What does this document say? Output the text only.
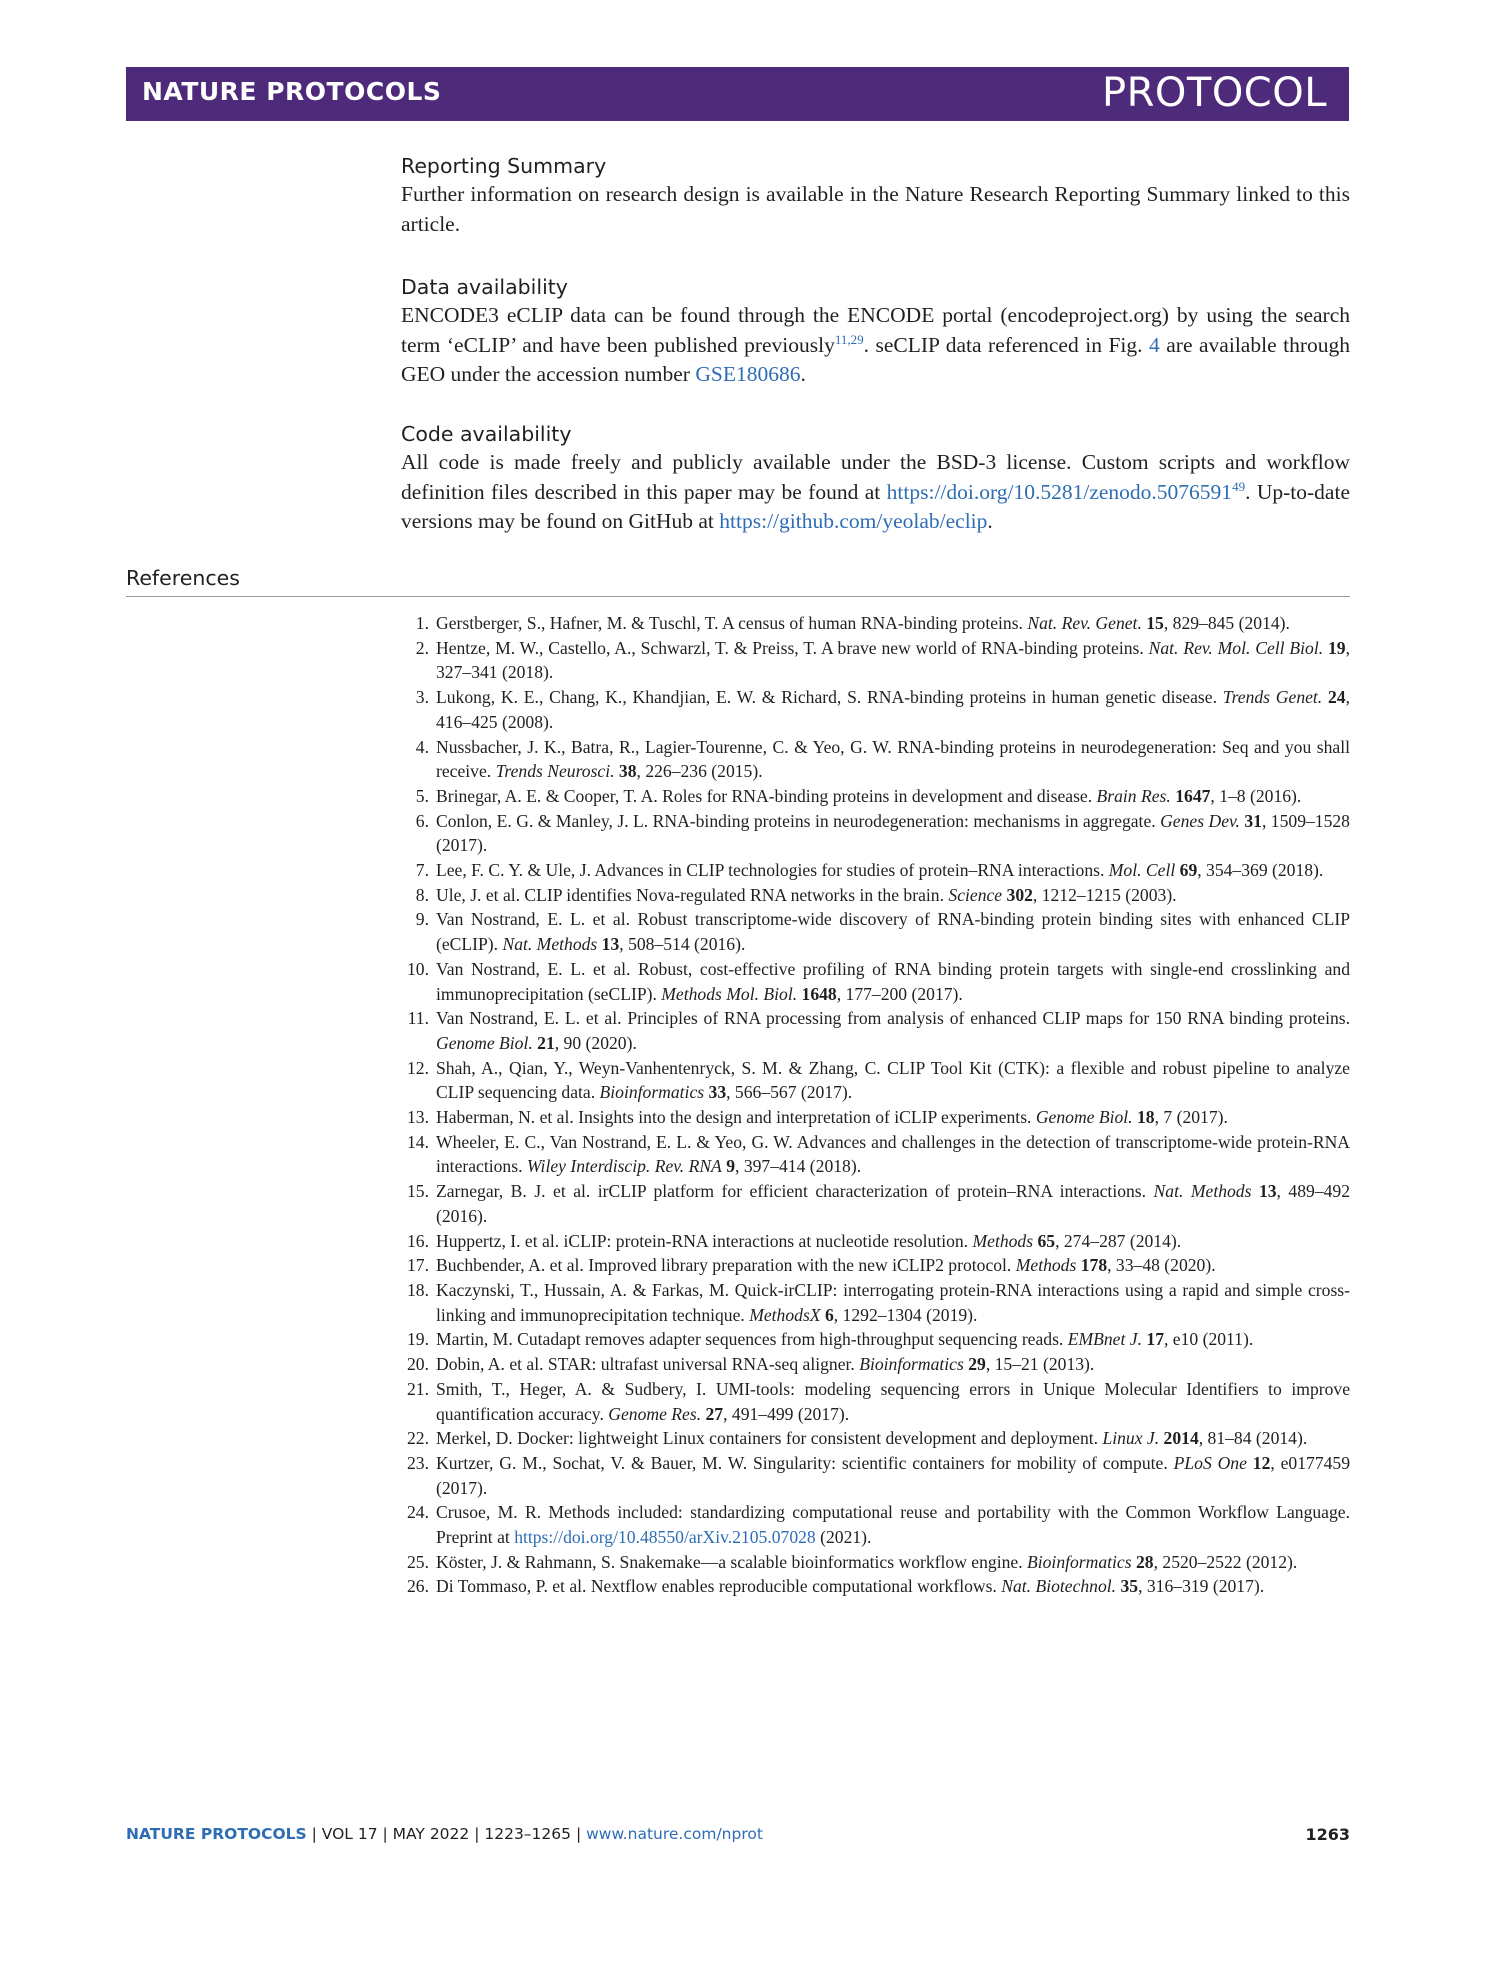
NATURE PROTOCOLS	PROTOCOL
Reporting Summary

Further information on research design is available in the Nature Research Reporting Summary linked to this article.

Data availability

ENCODE3 eCLIP data can be found through the ENCODE portal (encodeproject.org) by using the search term ‘eCLIP’ and have been published previously$^{11,29}$. seCLIP data referenced in Fig. 4 are available through GEO under the accession number GSE180686.

Code availability

All code is made freely and publicly available under the BSD-3 license. Custom scripts and workflow definition files described in this paper may be found at https://doi.org/10.5281/zenodo.5076591$^{49}$. Up-to-date versions may be found on GitHub at https://github.com/yeolab/eclip.

References
1. Gerstberger, S., Hafner, M. & Tuschl, T. A census of human RNA-binding proteins. Nat. Rev. Genet. 15, 829–845 (2014).
2. Hentze, M. W., Castello, A., Schwarzl, T. & Preiss, T. A brave new world of RNA-binding proteins. Nat. Rev. Mol. Cell Biol. 19, 327–341 (2018).
3. Lukong, K. E., Chang, K., Khandjian, E. W. & Richard, S. RNA-binding proteins in human genetic disease. Trends Genet. 24, 416–425 (2008).
4. Nussbacher, J. K., Batra, R., Lagier-Tourenne, C. & Yeo, G. W. RNA-binding proteins in neurodegeneration: Seq and you shall receive. Trends Neurosci. 38, 226–236 (2015).
5. Brinegar, A. E. & Cooper, T. A. Roles for RNA-binding proteins in development and disease. Brain Res. 1647, 1–8 (2016).
6. Conlon, E. G. & Manley, J. L. RNA-binding proteins in neurodegeneration: mechanisms in aggregate. Genes Dev. 31, 1509–1528 (2017).
7. Lee, F. C. Y. & Ule, J. Advances in CLIP technologies for studies of protein–RNA interactions. Mol. Cell 69, 354–369 (2018).
8. Ule, J. et al. CLIP identifies Nova-regulated RNA networks in the brain. Science 302, 1212–1215 (2003).
9. Van Nostrand, E. L. et al. Robust transcriptome-wide discovery of RNA-binding protein binding sites with enhanced CLIP (eCLIP). Nat. Methods 13, 508–514 (2016).
10. Van Nostrand, E. L. et al. Robust, cost-effective profiling of RNA binding protein targets with single-end crosslinking and immunoprecipitation (seCLIP). Methods Mol. Biol. 1648, 177–200 (2017).
11. Van Nostrand, E. L. et al. Principles of RNA processing from analysis of enhanced CLIP maps for 150 RNA binding proteins. Genome Biol. 21, 90 (2020).
12. Shah, A., Qian, Y., Weyn-Vanhentenryck, S. M. & Zhang, C. CLIP Tool Kit (CTK): a flexible and robust pipeline to analyze CLIP sequencing data. Bioinformatics 33, 566–567 (2017).
13. Haberman, N. et al. Insights into the design and interpretation of iCLIP experiments. Genome Biol. 18, 7 (2017).
14. Wheeler, E. C., Van Nostrand, E. L. & Yeo, G. W. Advances and challenges in the detection of transcriptome-wide protein-RNA interactions. Wiley Interdiscip. Rev. RNA 9, 397–414 (2018).
15. Zarnegar, B. J. et al. irCLIP platform for efficient characterization of protein–RNA interactions. Nat. Methods 13, 489–492 (2016).
16. Huppertz, I. et al. iCLIP: protein-RNA interactions at nucleotide resolution. Methods 65, 274–287 (2014).
17. Buchbender, A. et al. Improved library preparation with the new iCLIP2 protocol. Methods 178, 33–48 (2020).
18. Kaczynski, T., Hussain, A. & Farkas, M. Quick-irCLIP: interrogating protein-RNA interactions using a rapid and simple cross-linking and immunoprecipitation technique. MethodsX 6, 1292–1304 (2019).
19. Martin, M. Cutadapt removes adapter sequences from high-throughput sequencing reads. EMBnet J. 17, e10 (2011).
20. Dobin, A. et al. STAR: ultrafast universal RNA-seq aligner. Bioinformatics 29, 15–21 (2013).
21. Smith, T., Heger, A. & Sudbery, I. UMI-tools: modeling sequencing errors in Unique Molecular Identifiers to improve quantification accuracy. Genome Res. 27, 491–499 (2017).
22. Merkel, D. Docker: lightweight Linux containers for consistent development and deployment. Linux J. 2014, 81–84 (2014).
23. Kurtzer, G. M., Sochat, V. & Bauer, M. W. Singularity: scientific containers for mobility of compute. PLoS One 12, e0177459 (2017).
24. Crusoe, M. R. Methods included: standardizing computational reuse and portability with the Common Workflow Language. Preprint at https://doi.org/10.48550/arXiv.2105.07028 (2021).
25. Köster, J. & Rahmann, S. Snakemake—a scalable bioinformatics workflow engine. Bioinformatics 28, 2520–2522 (2012).
26. Di Tommaso, P. et al. Nextflow enables reproducible computational workflows. Nat. Biotechnol. 35, 316–319 (2017).
NATURE PROTOCOLS | VOL 17 | MAY 2022 | 1223–1265 | www.nature.com/nprot	1263
